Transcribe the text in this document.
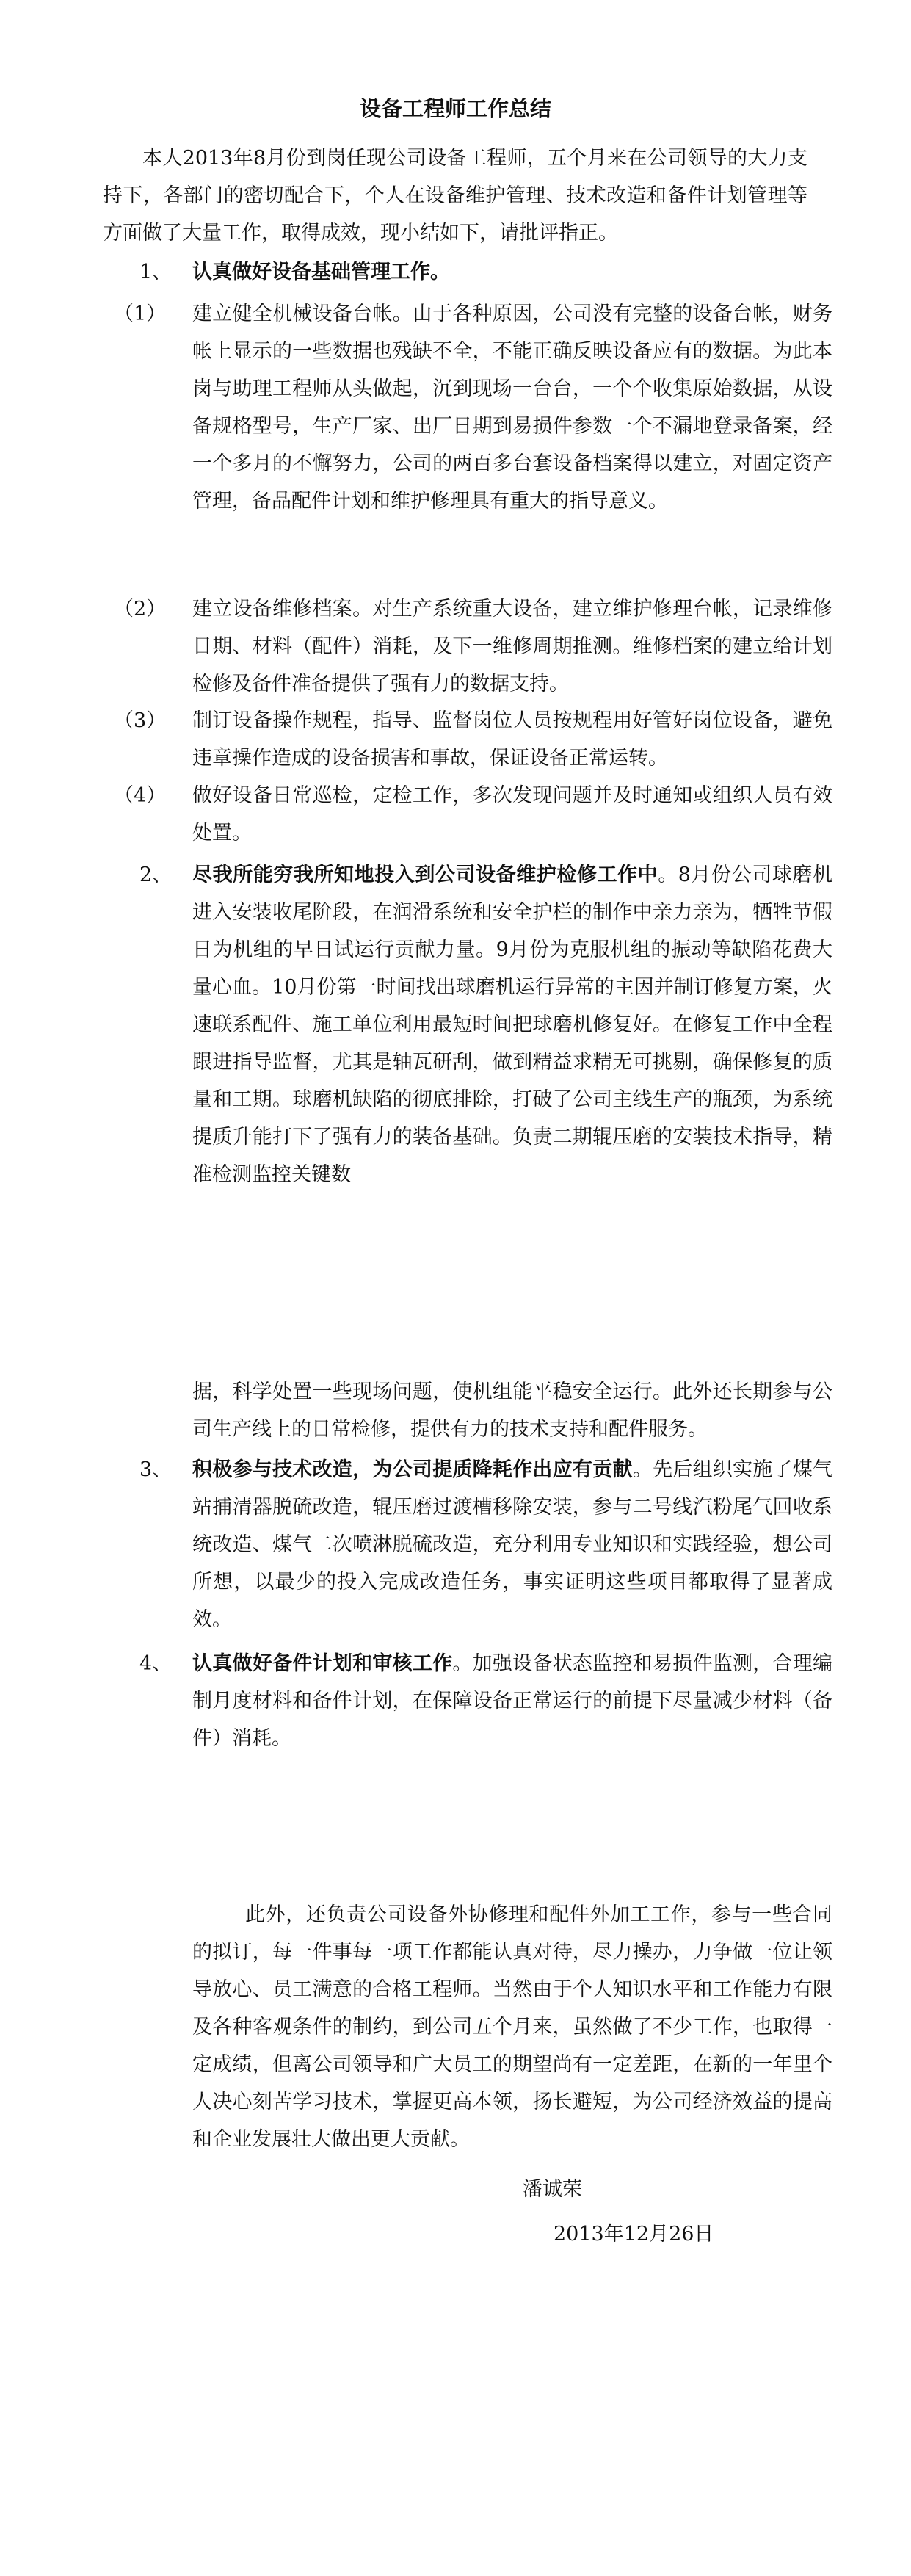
设备工程师工作总结

本人2013年8月份到岗任现公司设备工程师，五个月来在公司领导的大力支持下，各部门的密切配合下，个人在设备维护管理、技术改造和备件计划管理等方面做了大量工作，取得成效，现小结如下，请批评指正。

1、 认真做好设备基础管理工作。
（1） 建立健全机械设备台帐。由于各种原因，公司没有完整的设备台帐，财务帐上显示的一些数据也残缺不全，不能正确反映设备应有的数据。为此本岗与助理工程师从头做起，沉到现场一台台，一个个收集原始数据，从设备规格型号，生产厂家、出厂日期到易损件参数一个不漏地登录备案，经一个多月的不懈努力，公司的两百多台套设备档案得以建立，对固定资产管理，备品配件计划和维护修理具有重大的指导意义。

（2） 建立设备维修档案。对生产系统重大设备，建立维护修理台帐，记录维修日期、材料（配件）消耗，及下一维修周期推测。维修档案的建立给计划检修及备件准备提供了强有力的数据支持。

（3） 制订设备操作规程，指导、监督岗位人员按规程用好管好岗位设备，避免违章操作造成的设备损害和事故，保证设备正常运转。

（4） 做好设备日常巡检，定检工作，多次发现问题并及时通知或组织人员有效处置。

2、 尽我所能穷我所知地投入到公司设备维护检修工作中。8月份公司球磨机进入安装收尾阶段，在润滑系统和安全护栏的制作中亲力亲为，牺牲节假日为机组的早日试运行贡献力量。9月份为克服机组的振动等缺陷花费大量心血。10月份第一时间找出球磨机运行异常的主因并制订修复方案，火速联系配件、施工单位利用最短时间把球磨机修复好。在修复工作中全程跟进指导监督，尤其是轴瓦研刮，做到精益求精无可挑剔，确保修复的质量和工期。球磨机缺陷的彻底排除，打破了公司主线生产的瓶颈，为系统提质升能打下了强有力的装备基础。负责二期辊压磨的安装技术指导，精准检测监控关键数

据，科学处置一些现场问题，使机组能平稳安全运行。此外还长期参与公司生产线上的日常检修，提供有力的技术支持和配件服务。

3、 积极参与技术改造，为公司提质降耗作出应有贡献。先后组织实施了煤气站捕清器脱硫改造，辊压磨过渡槽移除安装，参与二号线汽粉尾气回收系统改造、煤气二次喷淋脱硫改造，充分利用专业知识和实践经验，想公司所想，以最少的投入完成改造任务，事实证明这些项目都取得了显著成效。

4、 认真做好备件计划和审核工作。加强设备状态监控和易损件监测，合理编制月度材料和备件计划，在保障设备正常运行的前提下尽量减少材料（备件）消耗。

此外，还负责公司设备外协修理和配件外加工工作，参与一些合同的拟订，每一件事每一项工作都能认真对待，尽力操办，力争做一位让领导放心、员工满意的合格工程师。当然由于个人知识水平和工作能力有限及各种客观条件的制约，到公司五个月来，虽然做了不少工作，也取得一定成绩，但离公司领导和广大员工的期望尚有一定差距，在新的一年里个人决心刻苦学习技术，掌握更高本领，扬长避短，为公司经济效益的提高和企业发展壮大做出更大贡献。

潘诚荣
2013年12月26日
